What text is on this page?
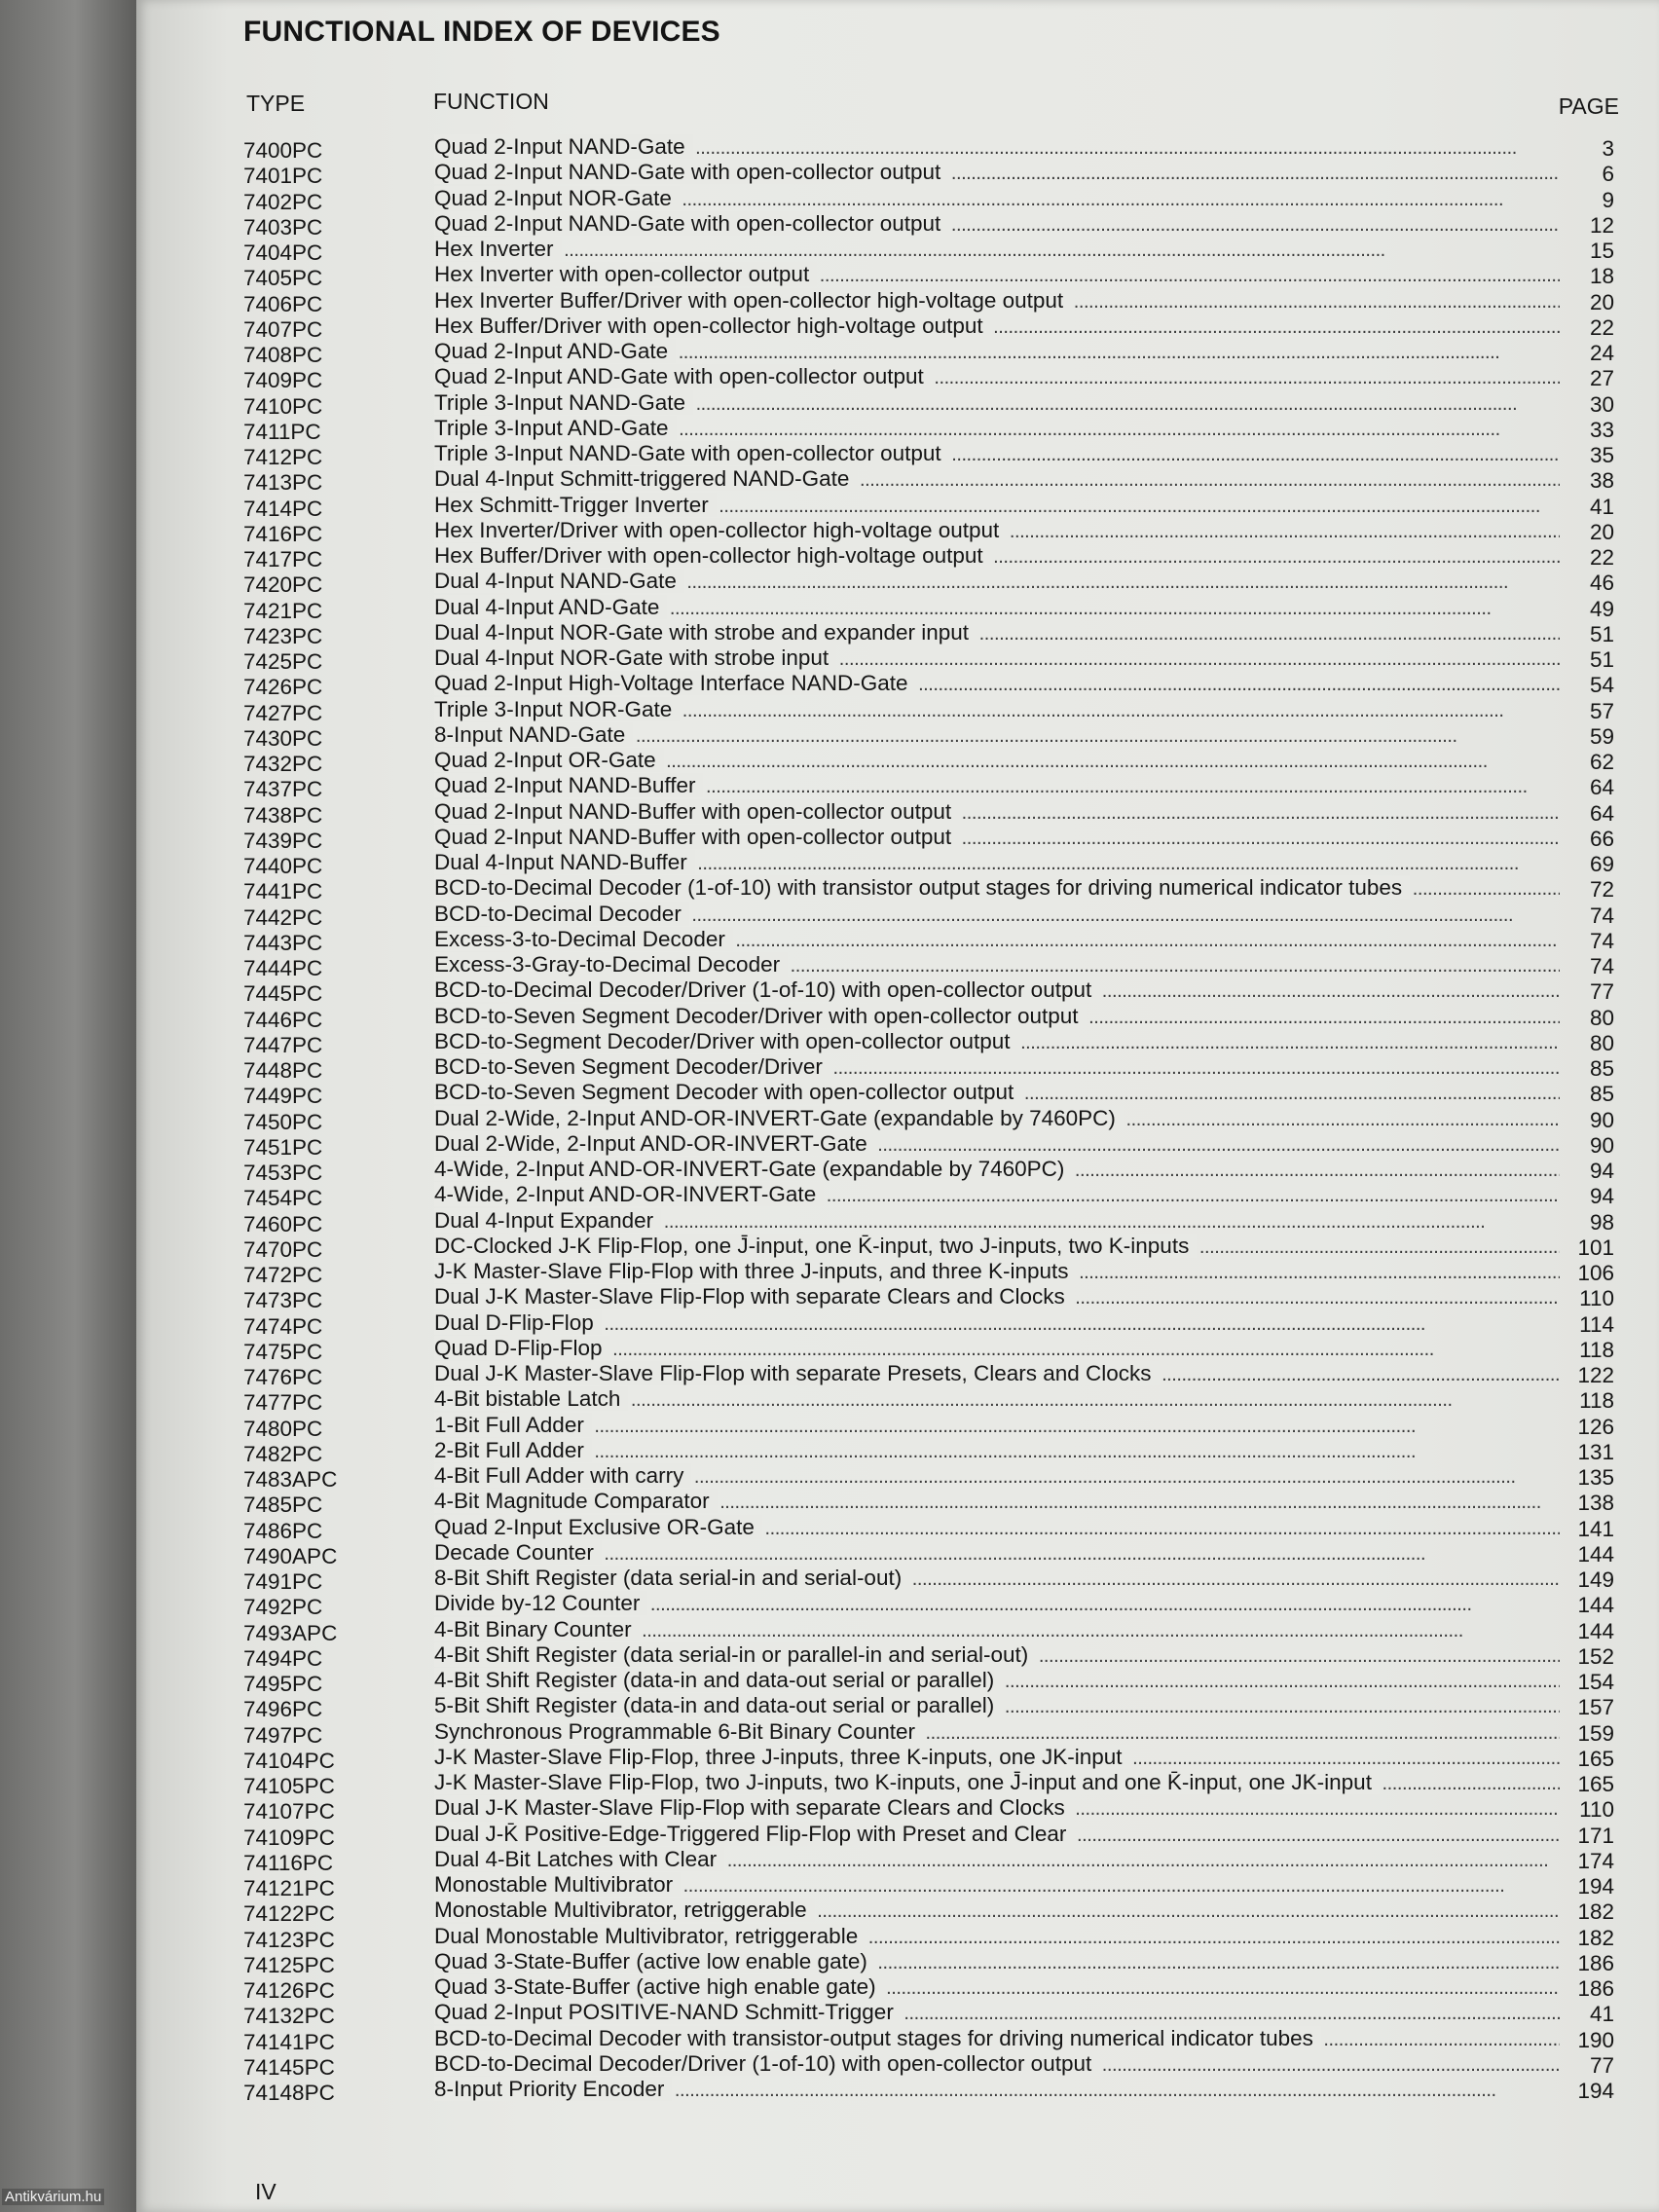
FUNCTIONAL INDEX OF DEVICES
TYPE	FUNCTION	PAGE
7400PC	Quad 2-Input NAND-Gate . . .	3
7401PC	Quad 2-Input NAND-Gate with open-collector output . . .	6
7402PC	Quad 2-Input NOR-Gate . . .	9
7403PC	Quad 2-Input NAND-Gate with open-collector output . . .	12
7404PC	Hex Inverter . . .	15
7405PC	Hex Inverter with open-collector output . . .	18
7406PC	Hex Inverter Buffer/Driver with open-collector high-voltage output . . .	20
7407PC	Hex Buffer/Driver with open-collector high-voltage output . . .	22
7408PC	Quad 2-Input AND-Gate . . .	24
7409PC	Quad 2-Input AND-Gate with open-collector output . . .	27
7410PC	Triple 3-Input NAND-Gate . . .	30
7411PC	Triple 3-Input AND-Gate . . .	33
7412PC	Triple 3-Input NAND-Gate with open-collector output . . .	35
7413PC	Dual 4-Input Schmitt-triggered NAND-Gate . . .	38
7414PC	Hex Schmitt-Trigger Inverter . . .	41
7416PC	Hex Inverter/Driver with open-collector high-voltage output . . .	20
7417PC	Hex Buffer/Driver with open-collector high-voltage output . . .	22
7420PC	Dual 4-Input NAND-Gate . . .	46
7421PC	Dual 4-Input AND-Gate . . .	49
7423PC	Dual 4-Input NOR-Gate with strobe and expander input . . .	51
7425PC	Dual 4-Input NOR-Gate with strobe input . . .	51
7426PC	Quad 2-Input High-Voltage Interface NAND-Gate . . .	54
7427PC	Triple 3-Input NOR-Gate . . .	57
7430PC	8-Input NAND-Gate . . .	59
7432PC	Quad 2-Input OR-Gate . . .	62
7437PC	Quad 2-Input NAND-Buffer . . .	64
7438PC	Quad 2-Input NAND-Buffer with open-collector output . . .	64
7439PC	Quad 2-Input NAND-Buffer with open-collector output . . .	66
7440PC	Dual 4-Input NAND-Buffer . . .	69
7441PC	BCD-to-Decimal Decoder (1-of-10) with transistor output stages for driving numerical indicator tubes . . .	72
7442PC	BCD-to-Decimal Decoder . . .	74
7443PC	Excess-3-to-Decimal Decoder . . .	74
7444PC	Excess-3-Gray-to-Decimal Decoder . . .	74
7445PC	BCD-to-Decimal Decoder/Driver (1-of-10) with open-collector output . . .	77
7446PC	BCD-to-Seven Segment Decoder/Driver with open-collector output . . .	80
7447PC	BCD-to-Segment Decoder/Driver with open-collector output . . .	80
7448PC	BCD-to-Seven Segment Decoder/Driver . . .	85
7449PC	BCD-to-Seven Segment Decoder with open-collector output . . .	85
7450PC	Dual 2-Wide, 2-Input AND-OR-INVERT-Gate (expandable by 7460PC) . . .	90
7451PC	Dual 2-Wide, 2-Input AND-OR-INVERT-Gate . . .	90
7453PC	4-Wide, 2-Input AND-OR-INVERT-Gate (expandable by 7460PC) . . .	94
7454PC	4-Wide, 2-Input AND-OR-INVERT-Gate . . .	94
7460PC	Dual 4-Input Expander . . .	98
7470PC	DC-Clocked J-K Flip-Flop, one J̄-input, one K̄-input, two J-inputs, two K-inputs . . .	101
7472PC	J-K Master-Slave Flip-Flop with three J-inputs, and three K-inputs . . .	106
7473PC	Dual J-K Master-Slave Flip-Flop with separate Clears and Clocks . . .	110
7474PC	Dual D-Flip-Flop . . .	114
7475PC	Quad D-Flip-Flop . . .	118
7476PC	Dual J-K Master-Slave Flip-Flop with separate Presets, Clears and Clocks . . .	122
7477PC	4-Bit bistable Latch . . .	118
7480PC	1-Bit Full Adder . . .	126
7482PC	2-Bit Full Adder . . .	131
7483APC	4-Bit Full Adder with carry . . .	135
7485PC	4-Bit Magnitude Comparator . . .	138
7486PC	Quad 2-Input Exclusive OR-Gate . . .	141
7490APC	Decade Counter . . .	144
7491PC	8-Bit Shift Register (data serial-in and serial-out) . . .	149
7492PC	Divide by-12 Counter . . .	144
7493APC	4-Bit Binary Counter . . .	144
7494PC	4-Bit Shift Register (data serial-in or parallel-in and serial-out) . . .	152
7495PC	4-Bit Shift Register (data-in and data-out serial or parallel) . . .	154
7496PC	5-Bit Shift Register (data-in and data-out serial or parallel) . . .	157
7497PC	Synchronous Programmable 6-Bit Binary Counter . . .	159
74104PC	J-K Master-Slave Flip-Flop, three J-inputs, three K-inputs, one JK-input . . .	165
74105PC	J-K Master-Slave Flip-Flop, two J-inputs, two K-inputs, one J̄-input and one K̄-input, one JK-input . . .	165
74107PC	Dual J-K Master-Slave Flip-Flop with separate Clears and Clocks . . .	110
74109PC	Dual J-K̄ Positive-Edge-Triggered Flip-Flop with Preset and Clear . . .	171
74116PC	Dual 4-Bit Latches with Clear . . .	174
74121PC	Monostable Multivibrator . . .	194
74122PC	Monostable Multivibrator, retriggerable . . .	182
74123PC	Dual Monostable Multivibrator, retriggerable . . .	182
74125PC	Quad 3-State-Buffer (active low enable gate) . . .	186
74126PC	Quad 3-State-Buffer (active high enable gate) . . .	186
74132PC	Quad 2-Input POSITIVE-NAND Schmitt-Trigger . . .	41
74141PC	BCD-to-Decimal Decoder with transistor-output stages for driving numerical indicator tubes . . .	190
74145PC	BCD-to-Decimal Decoder/Driver (1-of-10) with open-collector output . . .	77
74148PC	8-Input Priority Encoder . . .	194
IV
Antikvárium.hu
